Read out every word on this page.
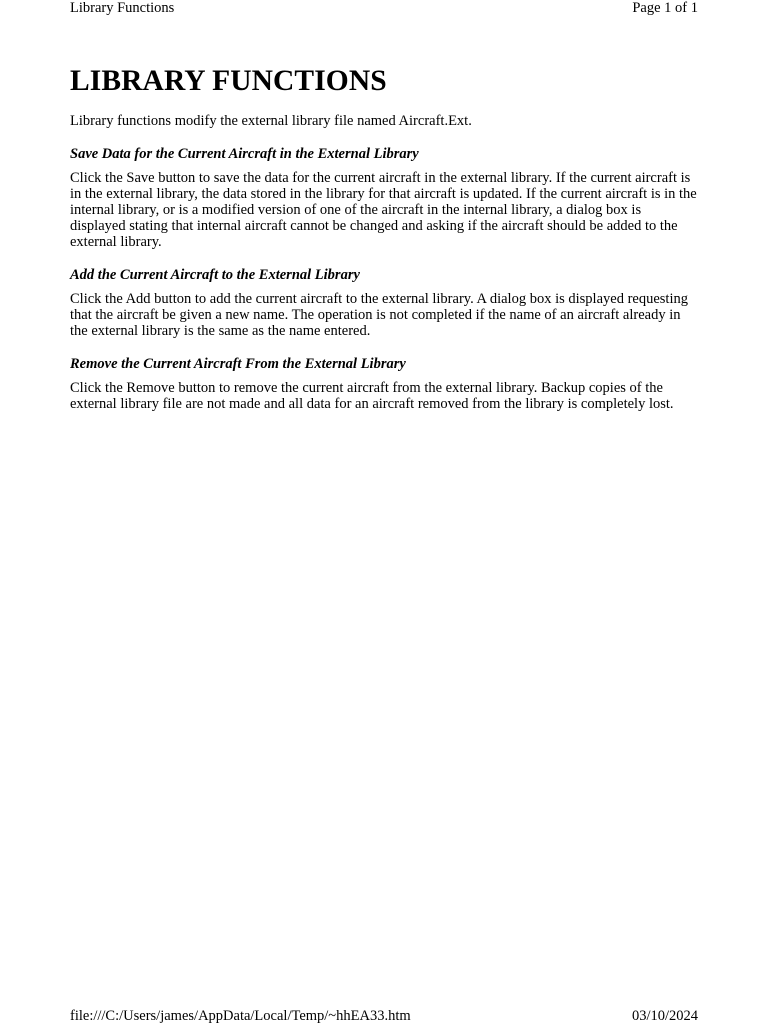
Library Functions	Page 1 of 1
LIBRARY FUNCTIONS

Library functions modify the external library file named Aircraft.Ext.

Save Data for the Current Aircraft in the External Library

Click the Save button to save the data for the current aircraft in the external library. If the current aircraft is in the external library, the data stored in the library for that aircraft is updated. If the current aircraft is in the internal library, or is a modified version of one of the aircraft in the internal library, a dialog box is displayed stating that internal aircraft cannot be changed and asking if the aircraft should be added to the external library.

Add the Current Aircraft to the External Library

Click the Add button to add the current aircraft to the external library. A dialog box is displayed requesting that the aircraft be given a new name. The operation is not completed if the name of an aircraft already in the external library is the same as the name entered.

Remove the Current Aircraft From the External Library

Click the Remove button to remove the current aircraft from the external library. Backup copies of the external library file are not made and all data for an aircraft removed from the library is completely lost.

file:///C:/Users/james/AppData/Local/Temp/~hhEA33.htm	03/10/2024
